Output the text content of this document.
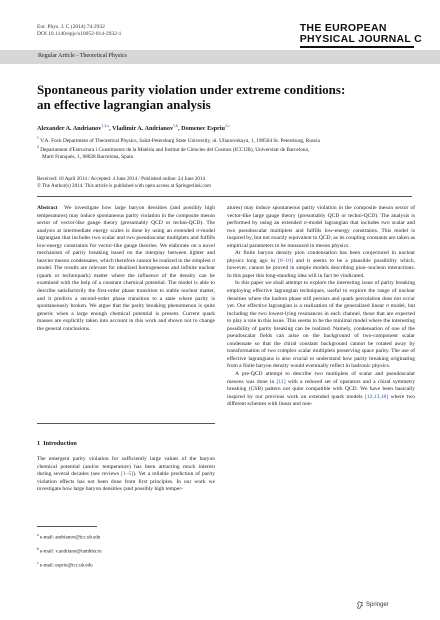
Eur. Phys. J. C (2014) 74:2932
DOI 10.1140/epjc/s10052-014-2932-1	THE EUROPEAN
PHYSICAL JOURNAL C
Regular Article - Theoretical Physics
Spontaneous parity violation under extreme conditions:
an effective lagrangian analysis
Alexander A. Andrianov$^{1,2,a}$, Vladimir A. Andrianov$^{1,b}$, Domenec Espriu$^{2,c}$
$^1$ V.A. Fock Department of Theoretical Physics, Saint-Petersburg State University, ul. Ulianovskaya, 1, 198504 St. Petersburg, Russia
$^2$ Departament d'Estructura i Constituents de la Matèria and Institut de Ciències del Cosmos (ICCUB), Universitat de Barcelona,
Martí Franquès, 1, 08028 Barcelona, Spain
Received: 10 April 2014 / Accepted: 4 June 2014 / Published online: 24 June 2014
© The Author(s) 2014. This article is published with open access at Springerlink.com

Abstract We investigate how large baryon densities (and possibly high temperatures) may induce spontaneous parity violation in the composite meson sector of vector-like gauge theory (presumably QCD or techni-QCD). The analysis at intermediate energy scales is done by using an extended σ-model lagrangian that includes two scalar and two pseudoscalar multiplets and fulfills low-energy constraints for vector-like gauge theories. We elaborate on a novel mechanism of parity breaking based on the interplay between lighter and heavier meson condensates, which therefore cannot be realized in the simplest σ model. The results are relevant for idealized homogeneous and infinite nuclear (quark or techniquark) matter where the influence of the density can be examined with the help of a constant chemical potential. The model is able to describe satisfactorily the first-order phase transition to stable nuclear matter, and it predicts a second-order phase transition to a state where parity is spontaneously broken. We argue that the parity breaking phenomenon is quite generic when a large enough chemical potential is present. Current quark masses are explicitly taken into account in this work and shown not to change the general conclusions.

1 Introduction

The emergent parity violation for sufficiently large values of the baryon chemical potential (and/or temperature) has been attracting much interest during several decades (see reviews [1–5]). Yet a reliable prediction of parity violation effects has not been done from first principles. In our work we investigate how large baryon densities (and possibly high temper-

$^a$ e-mail: andrianov@icc.ub.edu
$^b$ e-mail: v.andriano@rambler.ru
$^c$ e-mail: espriu@icc.ub.edu

atures) may induce spontaneous parity violation in the composite meson sector of vector-like large gauge theory (presumably QCD or techni-QCD). The analysis is performed by using an extended σ-model lagrangian that includes two scalar and two pseudoscalar multiplets and fulfills low-energy constraints. This model is inspired by, but not exactly equivalent to QCD, as its coupling constants are taken as empirical parameters to be measured in meson physics.

At finite baryon density pion condensation has been conjectured in nuclear physics long ago in [6–10] and it seems to be a plausible possibility which, however, cannot be proved in simple models describing pion–nucleon interactions. In this paper this long-standing idea will in fact be vindicated.

In this paper we shall attempt to explore the interesting issue of parity breaking employing effective lagrangian techniques, useful to explore the range of nuclear densities where the hadron phase still persists and quark percolation does not occur yet. Our effective lagrangian is a realization of the generalized linear σ model, but including the two lowest-lying resonances in each channel, those that are expected to play a role in this issue. This seems to be the minimal model where the interesting possibility of parity breaking can be realized. Namely, condensation of one of the pseudoscalar fields can arise on the background of two-component scalar condensate so that the chiral constant background cannot be rotated away by transformation of two complex scalar multiplets preserving space parity. The use of effective lagrangians is also crucial to understand how parity breaking originating from a finite baryon density would eventually reflect in hadronic physics.

A pre-QCD attempt to describe two multiplets of scalar and pseudoscalar mesons was done in [11] with a reduced set of operators and a chiral symmetry breaking (CSB) pattern not quite compatible with QCD. We have been basically inspired by our previous work on extended quark models [12,13,18] where two different schemes with linear and non-

Springer
